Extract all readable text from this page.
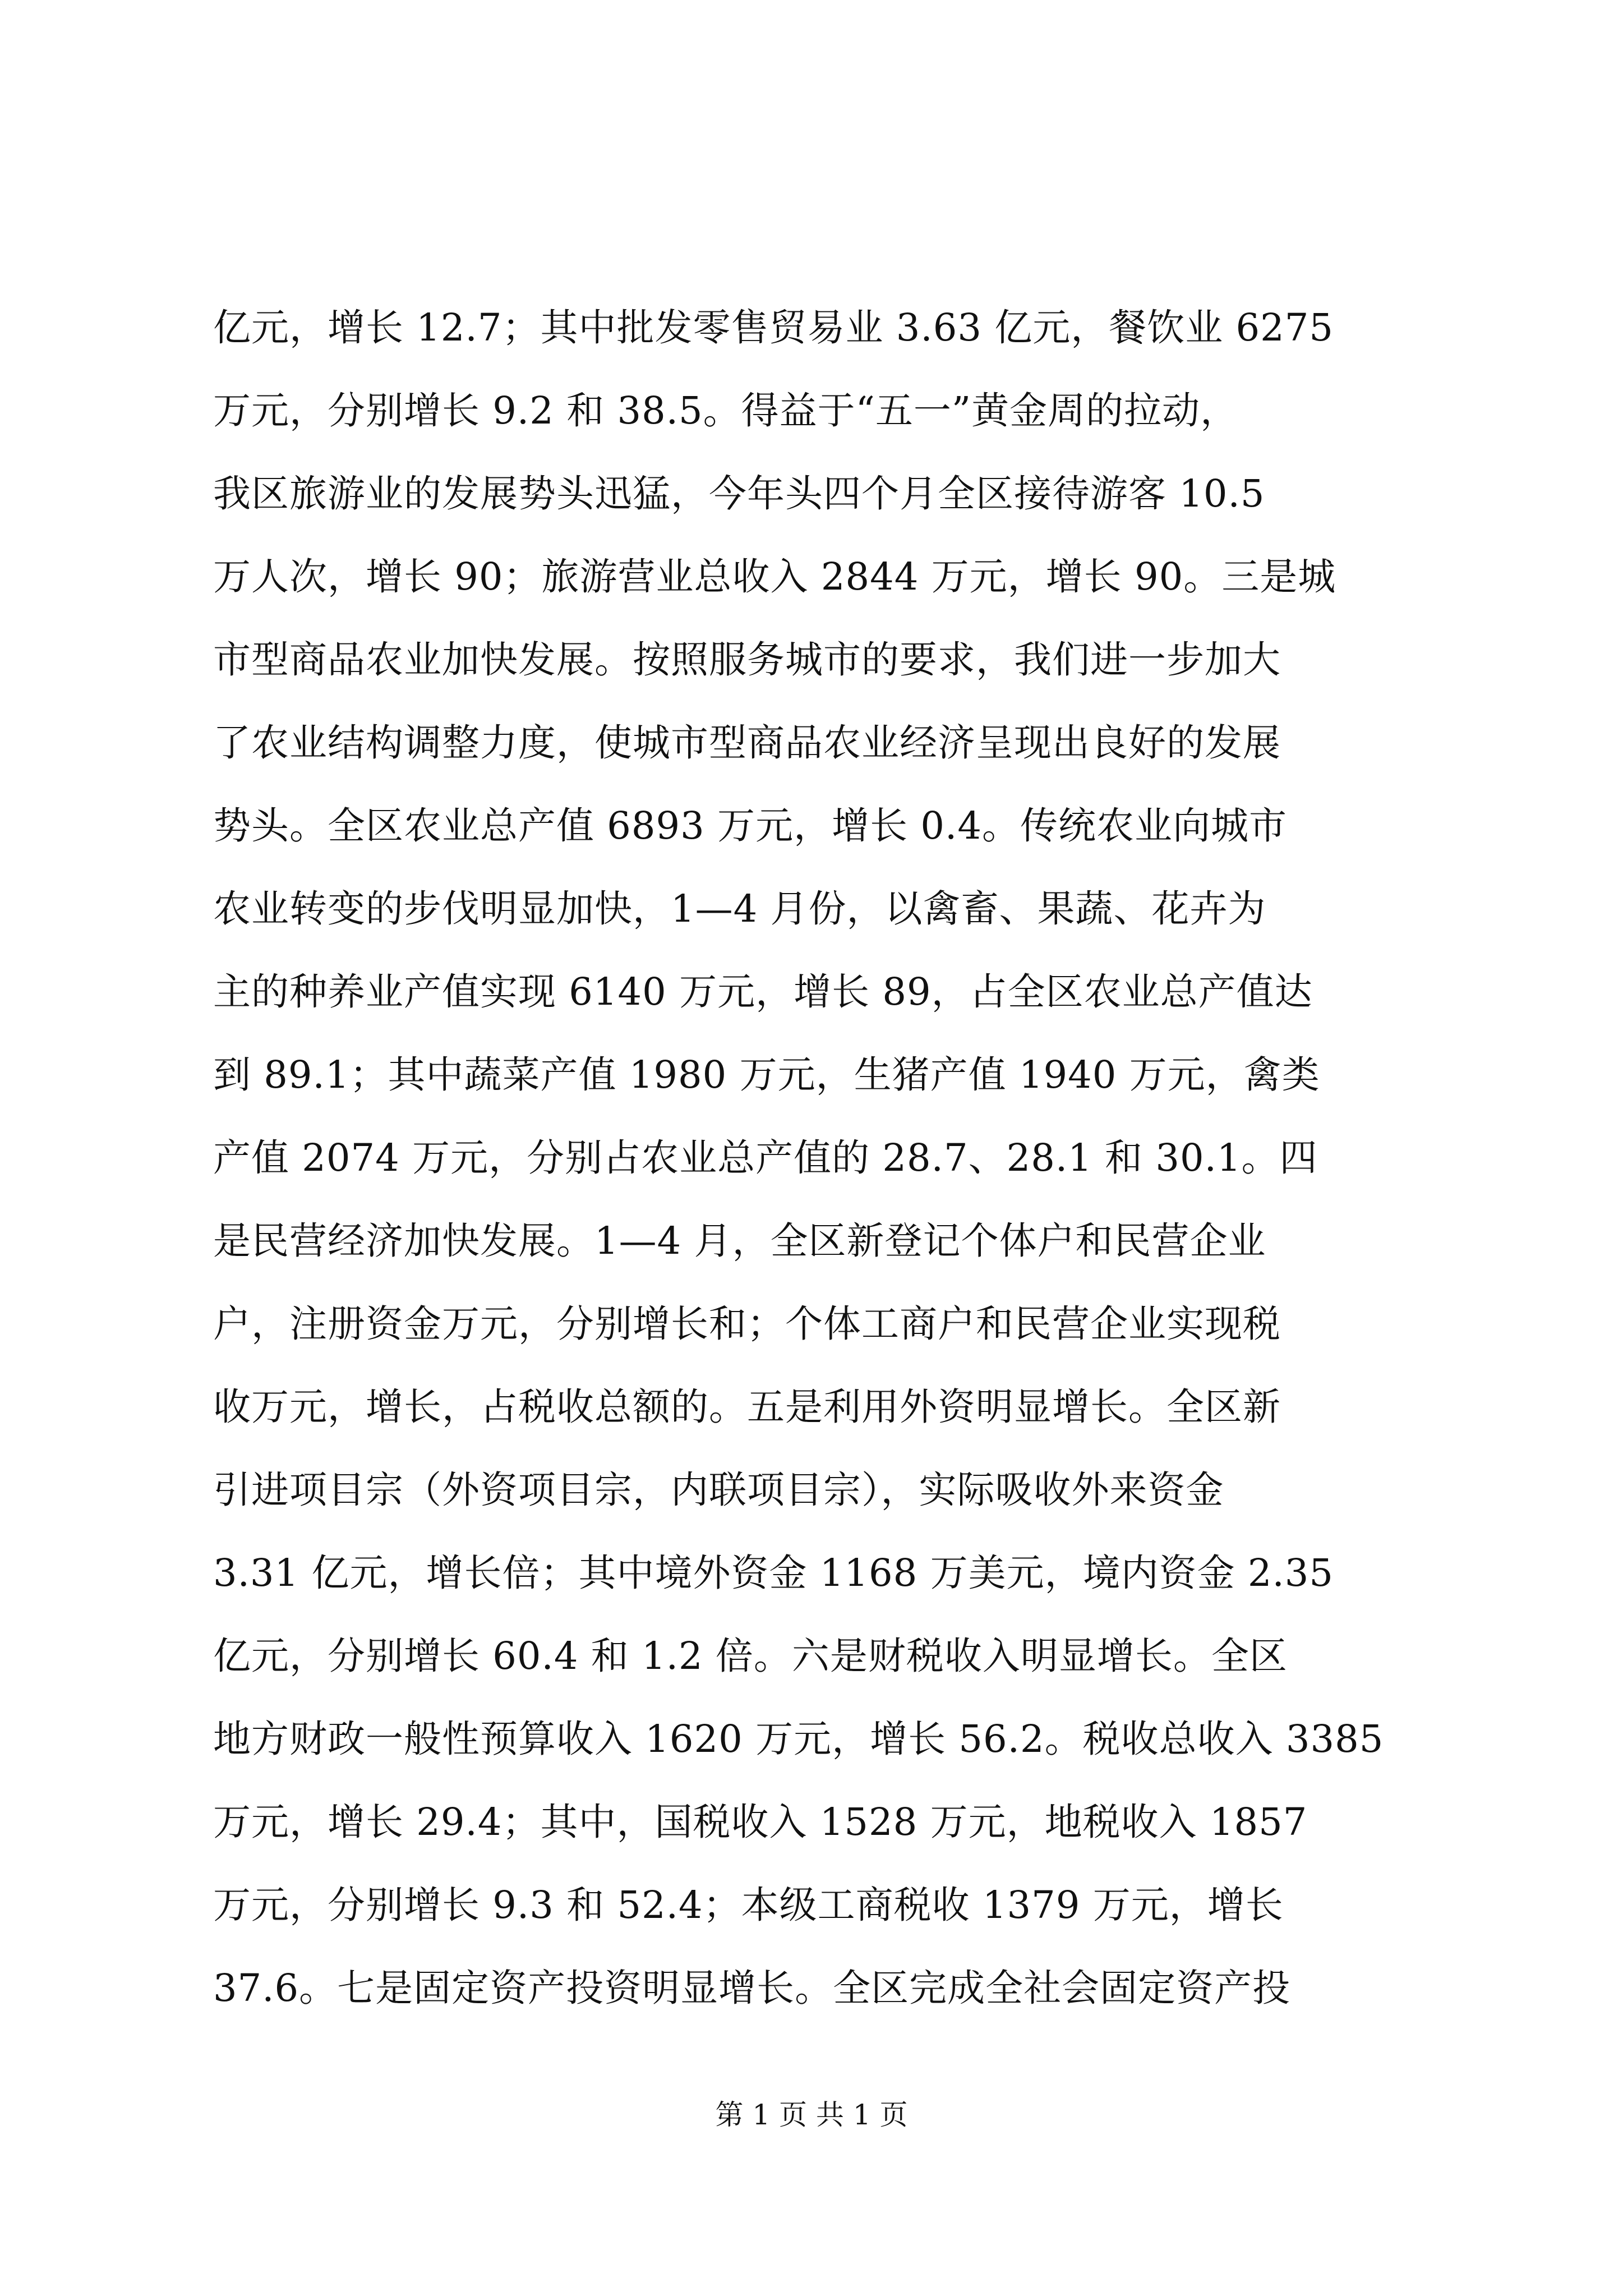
亿元，增长 12.7；其中批发零售贸易业 3.63 亿元，餐饮业 6275
万元，分别增长 9.2 和 38.5。得益于“五一”黄金周的拉动，
我区旅游业的发展势头迅猛，今年头四个月全区接待游客 10.5
万人次，增长 90；旅游营业总收入 2844 万元，增长 90。三是城
市型商品农业加快发展。按照服务城市的要求，我们进一步加大
了农业结构调整力度，使城市型商品农业经济呈现出良好的发展
势头。全区农业总产值 6893 万元，增长 0.4。传统农业向城市
农业转变的步伐明显加快，1—4 月份，以禽畜、果蔬、花卉为
主的种养业产值实现 6140 万元，增长 89，占全区农业总产值达
到 89.1；其中蔬菜产值 1980 万元，生猪产值 1940 万元，禽类
产值 2074 万元，分别占农业总产值的 28.7、28.1 和 30.1。四
是民营经济加快发展。1—4 月，全区新登记个体户和民营企业
户，注册资金万元，分别增长和；个体工商户和民营企业实现税
收万元，增长，占税收总额的。五是利用外资明显增长。全区新
引进项目宗（外资项目宗，内联项目宗），实际吸收外来资金
3.31 亿元，增长倍；其中境外资金 1168 万美元，境内资金 2.35
亿元，分别增长 60.4 和 1.2 倍。六是财税收入明显增长。全区
地方财政一般性预算收入 1620 万元，增长 56.2。税收总收入 3385
万元，增长 29.4；其中，国税收入 1528 万元，地税收入 1857
万元，分别增长 9.3 和 52.4；本级工商税收 1379 万元，增长
37.6。七是固定资产投资明显增长。全区完成全社会固定资产投
第 1 页 共 1 页
